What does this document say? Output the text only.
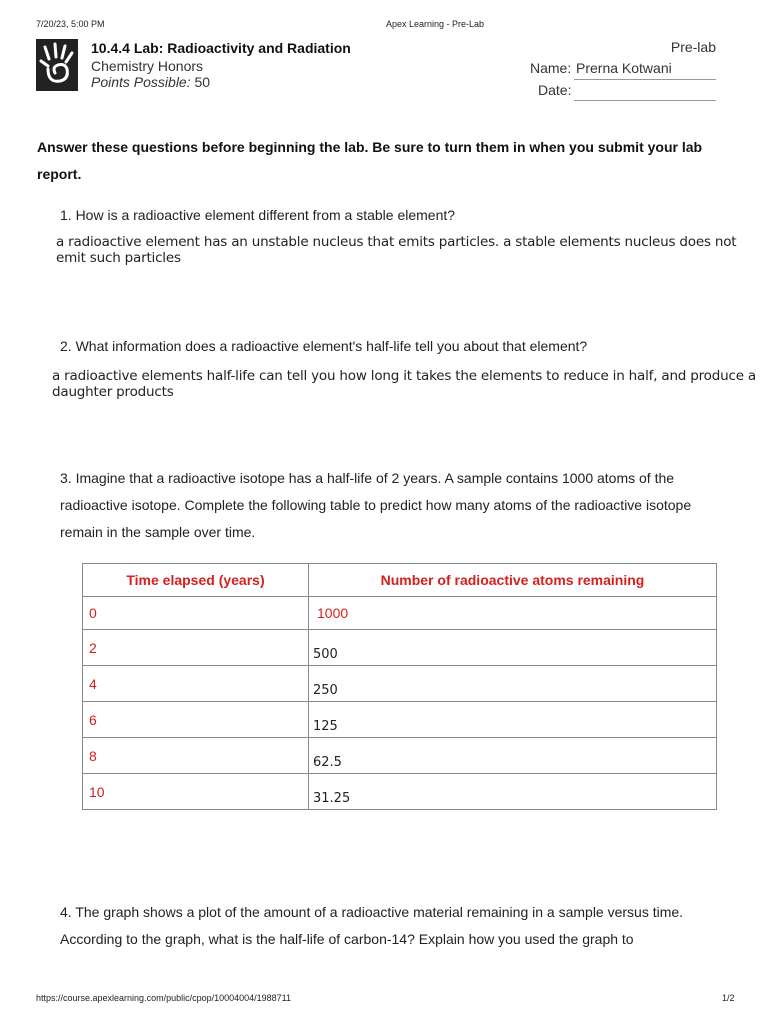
7/20/23, 5:00 PM	Apex Learning - Pre-Lab
10.4.4 Lab: Radioactivity and Radiation
Chemistry Honors
Points Possible: 50
Pre-lab
Name: Prerna Kotwani
Date:
Answer these questions before beginning the lab. Be sure to turn them in when you submit your lab report.
1. How is a radioactive element different from a stable element?
a radioactive element has an unstable nucleus that emits particles. a stable elements nucleus does not emit such particles
2. What information does a radioactive element's half-life tell you about that element?
a radioactive elements half-life can tell you how long it takes the elements to reduce in half, and produce a daughter products
3. Imagine that a radioactive isotope has a half-life of 2 years. A sample contains 1000 atoms of the radioactive isotope. Complete the following table to predict how many atoms of the radioactive isotope remain in the sample over time.
Time elapsed (years)	Number of radioactive atoms remaining
0	1000
2	500
4	250
6	125
8	62.5
10	31.25
4. The graph shows a plot of the amount of a radioactive material remaining in a sample versus time. According to the graph, what is the half-life of carbon-14? Explain how you used the graph to
https://course.apexlearning.com/public/cpop/10004004/1988711	1/2
